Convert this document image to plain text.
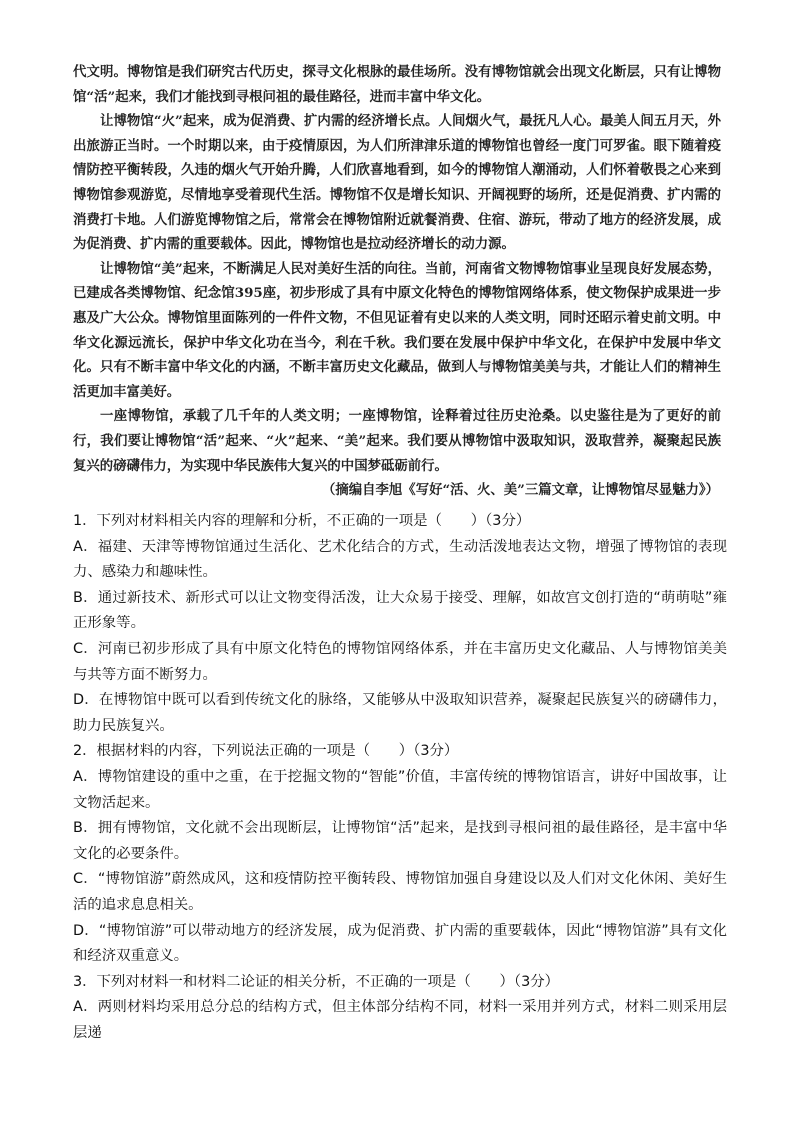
代文明。博物馆是我们研究古代历史，探寻文化根脉的最佳场所。没有博物馆就会出现文化断层，只有让博物馆“活”起来，我们才能找到寻根问祖的最佳路径，进而丰富中华文化。

让博物馆“火”起来，成为促消费、扩内需的经济增长点。人间烟火气，最抚凡人心。最美人间五月天，外出旅游正当时。一个时期以来，由于疫情原因，为人们所津津乐道的博物馆也曾经一度门可罗雀。眼下随着疫情防控平衡转段，久违的烟火气开始升腾，人们欣喜地看到，如今的博物馆人潮涌动，人们怀着敬畏之心来到博物馆参观游览，尽情地享受着现代生活。博物馆不仅是增长知识、开阔视野的场所，还是促消费、扩内需的消费打卡地。人们游览博物馆之后，常常会在博物馆附近就餐消费、住宿、游玩，带动了地方的经济发展，成为促消费、扩内需的重要载体。因此，博物馆也是拉动经济增长的动力源。

让博物馆“美”起来，不断满足人民对美好生活的向往。当前，河南省文物博物馆事业呈现良好发展态势，已建成各类博物馆、纪念馆395座，初步形成了具有中原文化特色的博物馆网络体系，使文物保护成果进一步惠及广大公众。博物馆里面陈列的一件件文物，不但见证着有史以来的人类文明，同时还昭示着史前文明。中华文化源远流长，保护中华文化功在当今，利在千秋。我们要在发展中保护中华文化，在保护中发展中华文化。只有不断丰富中华文化的内涵，不断丰富历史文化藏品，做到人与博物馆美美与共，才能让人们的精神生活更加丰富美好。

一座博物馆，承载了几千年的人类文明；一座博物馆，诠释着过往历史沧桑。以史鉴往是为了更好的前行，我们要让博物馆“活”起来、“火”起来、“美”起来。我们要从博物馆中汲取知识，汲取营养，凝聚起民族复兴的磅礴伟力，为实现中华民族伟大复兴的中国梦砥砺前行。

（摘编自李旭《写好“活、火、美”三篇文章，让博物馆尽显魅力》）

1．下列对材料相关内容的理解和分析，不正确的一项是（　　）（3分）

A．福建、天津等博物馆通过生活化、艺术化结合的方式，生动活泼地表达文物，增强了博物馆的表现力、感染力和趣味性。

B．通过新技术、新形式可以让文物变得活泼，让大众易于接受、理解，如故宫文创打造的“萌萌哒”雍正形象等。

C．河南已初步形成了具有中原文化特色的博物馆网络体系，并在丰富历史文化藏品、人与博物馆美美与共等方面不断努力。

D．在博物馆中既可以看到传统文化的脉络，又能够从中汲取知识营养，凝聚起民族复兴的磅礴伟力，助力民族复兴。

2．根据材料的内容，下列说法正确的一项是（　　）（3分）

A．博物馆建设的重中之重，在于挖掘文物的“智能”价值，丰富传统的博物馆语言，讲好中国故事，让文物活起来。

B．拥有博物馆，文化就不会出现断层，让博物馆“活”起来，是找到寻根问祖的最佳路径，是丰富中华文化的必要条件。

C．“博物馆游”蔚然成风，这和疫情防控平衡转段、博物馆加强自身建设以及人们对文化休闲、美好生活的追求息息相关。

D．“博物馆游”可以带动地方的经济发展，成为促消费、扩内需的重要载体，因此“博物馆游”具有文化和经济双重意义。

3．下列对材料一和材料二论证的相关分析，不正确的一项是（　　）（3分）

A．两则材料均采用总分总的结构方式，但主体部分结构不同，材料一采用并列方式，材料二则采用层层递
